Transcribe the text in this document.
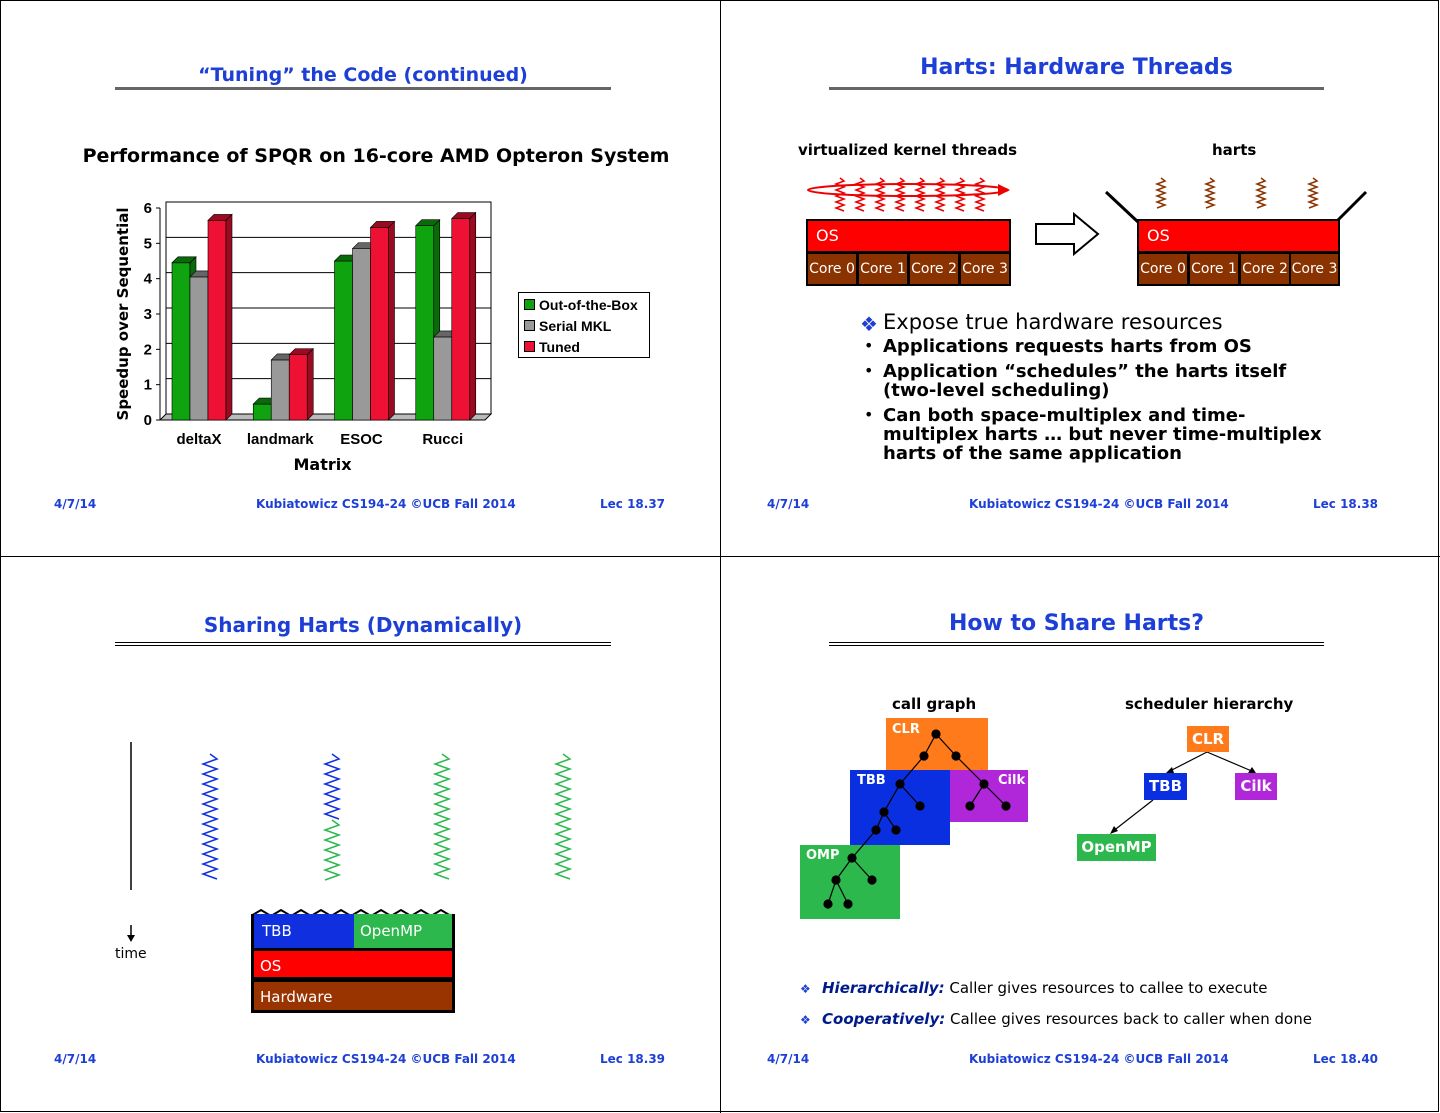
“Tuning” the Code (continued)
Performance of SPQR on 16-core AMD Opteron System
0
1
2
3
4
5
6
deltaX landmark ESOC	Rucci
Matrix
Speedup over Sequential	Out-of-the-Box
Serial MKL
Tuned
4/7/14	Kubiatowicz CS194-24 ©UCB Fall 2014	Lec 18.37
Harts: Hardware Threads
virtualized kernel threads	harts
OS
Core 0 Core 1 Core 2 Core 3
OS
Core 0 Core 1 Core 2 Core 3
❖ Expose true hardware resources
• Applications requests harts from OS
• Application “schedules” the harts itself
(two-level scheduling)
• Can both space-multiplex and time-
multiplex harts … but never time-multiplex
harts of the same application
4/7/14	Kubiatowicz CS194-24 ©UCB Fall 2014	Lec 18.38
Sharing Harts (Dynamically)
time
TBB	OpenMP
OS
Hardware
4/7/14	Kubiatowicz CS194-24 ©UCB Fall 2014	Lec 18.39
How to Share Harts?
call graph	scheduler hierarchy
CLR
TBB	Cilk
OMP
CLR
TBB	Cilk
OpenMP
❖ Hierarchically: Caller gives resources to callee to execute
❖ Cooperatively: Callee gives resources back to caller when done
4/7/14	Kubiatowicz CS194-24 ©UCB Fall 2014	Lec 18.40
